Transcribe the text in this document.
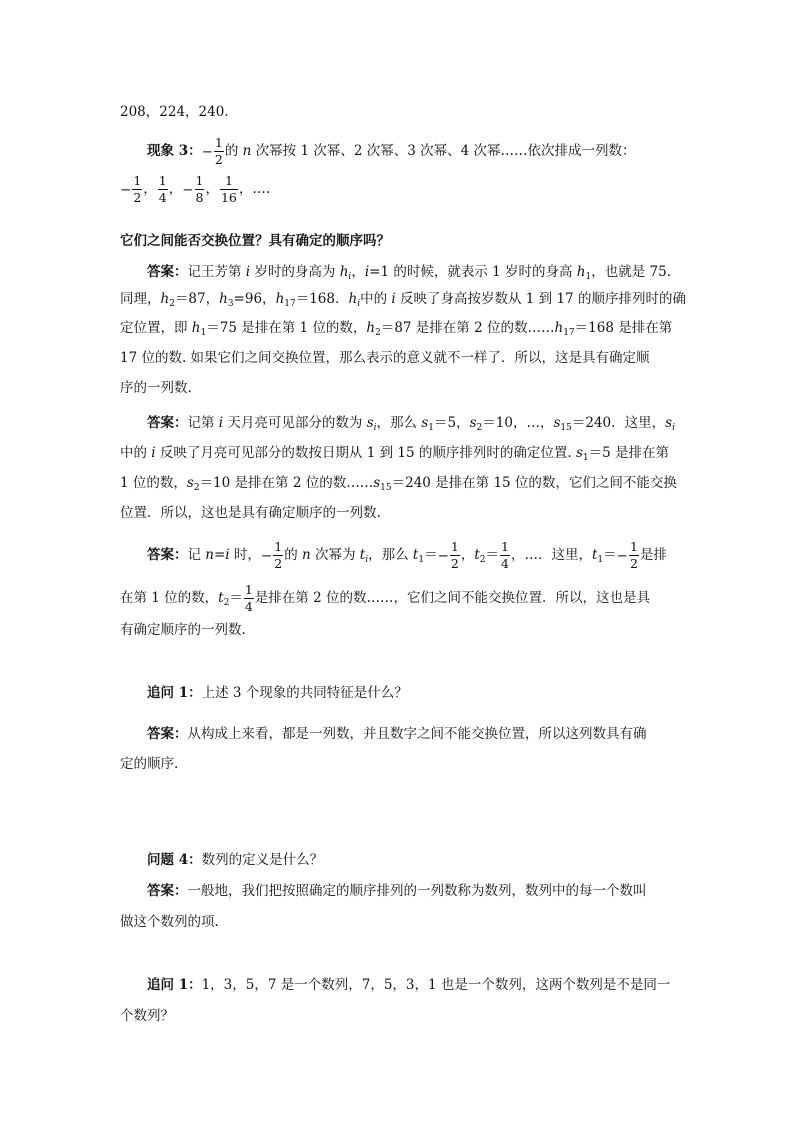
208，224，240.
现象 3：− $\frac{1}{2}$ 的 n 次幂按 1 次幂、2 次幂、3 次幂、4 次幂……依次排成一列数：
− $\frac{1}{2}$ ， $\frac{1}{4}$ ，− $\frac{1}{8}$ ， $\frac{1}{16}$ ，….
它们之间能否交换位置？具有确定的顺序吗？
答案：记王芳第 i 岁时的身高为 $h_i$，i=1 的时候，就表示 1 岁时的身高 $h_1$，也就是 75.
同理，$h_2=87$，$h_3=96$，$h_{17}=168$．$h_i$中的 i 反映了身高按岁数从 1 到 17 的顺序排列时的确
定位置，即 $h_1=75$ 是排在第 1 位的数，$h_2=87$ 是排在第 2 位的数$\dots\dots h_{17}=168$ 是排在第
17 位的数. 如果它们之间交换位置，那么表示的意义就不一样了．所以，这是具有确定顺
序的一列数.
答案：记第 i 天月亮可见部分的数为 $s_i$，那么 $s_1=5$，$s_2=10$，…，$s_{15}=240$．这里，$s_i$
中的 i 反映了月亮可见部分的数按日期从 1 到 15 的顺序排列时的确定位置. $s_1=5$ 是排在第
1 位的数，$s_2=10$ 是排在第 2 位的数$\dots\dots s_{15}=240$ 是排在第 15 位的数，它们之间不能交换
位置．所以，这也是具有确定顺序的一列数.
答案：记 n=i 时，− $\frac{1}{2}$ 的 n 次幂为 $t_i$，那么 $t_1=- \frac{1}{2}$ ，$t_2= \frac{1}{4}$ ，…．这里，$t_1=- \frac{1}{2}$ 是排
在第 1 位的数，$t_2= \frac{1}{4}$ 是排在第 2 位的数……，它们之间不能交换位置．所以，这也是具
有确定顺序的一列数.
追问 1：上述 3 个现象的共同特征是什么？
答案：从构成上来看，都是一列数，并且数字之间不能交换位置，所以这列数具有确
定的顺序.
问题 4：数列的定义是什么？
答案：一般地，我们把按照确定的顺序排列的一列数称为数列，数列中的每一个数叫
做这个数列的项.
追问 1：1，3，5，7 是一个数列，7，5，3，1 也是一个数列，这两个数列是不是同一
个数列？
